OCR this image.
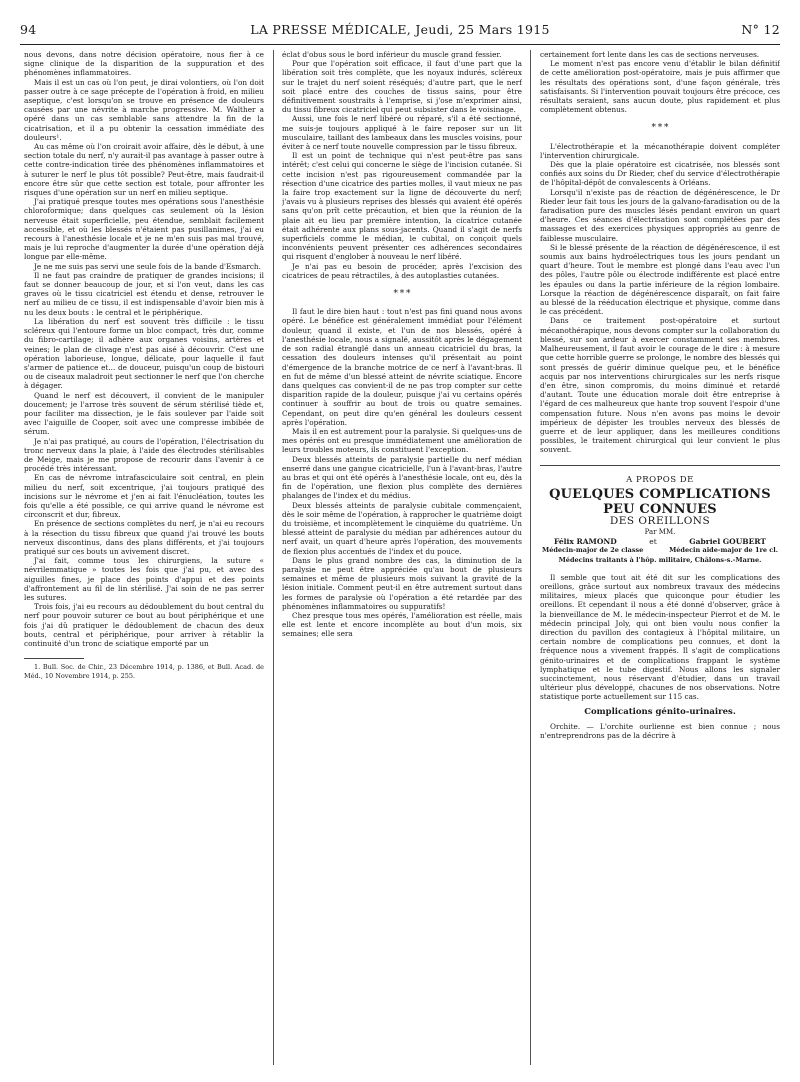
94	LA PRESSE MÉDICALE, Jeudi, 25 Mars 1915	N° 12

nous devons, dans notre décision opératoire, nous fier à ce signe clinique de la disparition de la suppuration et des phénomènes inflammatoires.

Mais il est un cas où l'on peut, je dirai volontiers, où l'on doit passer outre à ce sage précepte de l'opération à froid, en milieu aseptique, c'est lorsqu'on se trouve en présence de douleurs causées par une névrite à marche progressive. M. Walther a opéré dans un cas semblable sans attendre la fin de la cicatrisation, et il a pu obtenir la cessation immédiate des douleurs¹.

Au cas même où l'on croirait avoir affaire, dès le début, à une section totale du nerf, n'y aurait-il pas avantage à passer outre à cette contre-indication tirée des phénomènes inflammatoires et à suturer le nerf le plus tôt possible? Peut-être, mais faudrait-il encore être sûr que cette section est totale, pour affronter les risques d'une opération sur un nerf en milieu septique.

J'ai pratiqué presque toutes mes opérations sous l'anesthésie chloroformique; dans quelques cas seulement où la lésion nerveuse était superficielle, peu étendue, semblait facilement accessible, et où les blessés n'étaient pas pusillanimes, j'ai eu recours à l'anesthésie locale et je ne m'en suis pas mal trouvé, mais je lui reproche d'augmenter la durée d'une opération déjà longue par elle-même.

Je ne me suis pas servi une seule fois de la bande d'Esmarch.

Il ne faut pas craindre de pratiquer de grandes incisions; il faut se donner beaucoup de jour, et si l'on veut, dans les cas graves où le tissu cicatriciel est étendu et dense, retrouver le nerf au milieu de ce tissu, il est indispensable d'avoir bien mis à nu les deux bouts : le central et le périphérique.

La libération du nerf est souvent très difficile : le tissu scléreux qui l'entoure forme un bloc compact, très dur, comme du fibro-cartilage; il adhère aux organes voisins, artères et veines; le plan de clivage n'est pas aisé à découvrir. C'est une opération laborieuse, longue, délicate, pour laquelle il faut s'armer de patience et... de douceur, puisqu'un coup de bistouri ou de ciseaux maladroit peut sectionner le nerf que l'on cherche à dégager.

Quand le nerf est découvert, il convient de le manipuler doucement; je l'arrose très souvent de sérum stérilisé tiède et, pour faciliter ma dissection, je le fais soulever par l'aide soit avec l'aiguille de Cooper, soit avec une compresse imbibée de sérum.

Je n'ai pas pratiqué, au cours de l'opération, l'électrisation du tronc nerveux dans la plaie, à l'aide des électrodes stérilisables de Meige, mais je me propose de recourir dans l'avenir à ce procédé très intéressant.

En cas de névrome intrafasciculaire soit central, en plein milieu du nerf, soit excentrique, j'ai toujours pratiqué des incisions sur le névrome et j'en ai fait l'énucléation, toutes les fois qu'elle a été possible, ce qui arrive quand le névrome est circonscrit et dur, fibreux.

En présence de sections complètes du nerf, je n'ai eu recours à la résection du tissu fibreux que quand j'ai trouvé les bouts nerveux discontinus, dans des plans différents, et j'ai toujours pratiqué sur ces bouts un avivement discret.

J'ai fait, comme tous les chirurgiens, la suture « névrilemmatique » toutes les fois que j'ai pu, et avec des aiguilles fines, je place des points d'appui et des points d'affrontement au fil de lin stérilisé. J'ai soin de ne pas serrer les sutures.

Trois fois, j'ai eu recours au dédoublement du bout central du nerf pour pouvoir suturer ce bout au bout périphérique et une fois j'ai dû pratiquer le dédoublement de chacun des deux bouts, central et périphérique, pour arriver à rétablir la continuité d'un tronc de sciatique emporté par un

1. Bull. Soc. de Chir., 23 Décembre 1914, p. 1386, et Bull. Acad. de Méd., 10 Novembre 1914, p. 255.

éclat d'obus sous le bord inférieur du muscle grand fessier.

Pour que l'opération soit efficace, il faut d'une part que la libération soit très complète, que les noyaux indurés, scléreux sur le trajet du nerf soient réséqués; d'autre part, que le nerf soit placé entre des couches de tissus sains, pour être définitivement soustraits à l'emprise, si j'ose m'exprimer ainsi, du tissu fibreux cicatriciel qui peut subsister dans le voisinage.

Aussi, une fois le nerf libéré ou réparé, s'il a été sectionné, me suis-je toujours appliqué à le faire reposer sur un lit musculaire, taillant des lambeaux dans les muscles voisins, pour éviter à ce nerf toute nouvelle compression par le tissu fibreux.

Il est un point de technique qui n'est peut-être pas sans intérêt; c'est celui qui concerne le siège de l'incision cutanée. Si cette incision n'est pas rigoureusement commandée par la résection d'une cicatrice des parties molles, il vaut mieux ne pas la faire trop exactement sur la ligne de découverte du nerf; j'avais vu à plusieurs reprises des blessés qui avaient été opérés sans qu'on prît cette précaution, et bien que la réunion de la plaie ait eu lieu par première intention, la cicatrice cutanée était adhérente aux plans sous-jacents. Quand il s'agit de nerfs superficiels comme le médian, le cubital, on conçoit quels inconvénients peuvent présenter ces adhérences secondaires qui risquent d'englober à nouveau le nerf libéré.

Je n'ai pas eu besoin de procéder, après l'excision des cicatrices de peau rétractiles, à des autoplasties cutanées.

* * *

Il faut le dire bien haut : tout n'est pas fini quand nous avons opéré. Le bénéfice est généralement immédiat pour l'élément douleur, quand il existe, et l'un de nos blessés, opéré à l'anesthésie locale, nous a signalé, aussitôt après le dégagement de son radial étranglé dans un anneau cicatriciel du bras, la cessation des douleurs intenses qu'il présentait au point d'émergence de la branche motrice de ce nerf à l'avant-bras. Il en fut de même d'un blessé atteint de névrite sciatique. Encore dans quelques cas convient-il de ne pas trop compter sur cette disparition rapide de la douleur, puisque j'ai vu certains opérés continuer à souffrir au bout de trois ou quatre semaines. Cependant, on peut dire qu'en général les douleurs cessent après l'opération.

Mais il en est autrement pour la paralysie. Si quelques-uns de mes opérés ont eu presque immédiatement une amélioration de leurs troubles moteurs, ils constituent l'exception.

Deux blessés atteints de paralysie partielle du nerf médian enserré dans une gangue cicatricielle, l'un à l'avant-bras, l'autre au bras et qui ont été opérés à l'anesthésie locale, ont eu, dès la fin de l'opération, une flexion plus complète des dernières phalanges de l'index et du médius.

Deux blessés atteints de paralysie cubitale commençaient, dès le soir même de l'opération, à rapprocher le quatrième doigt du troisième, et incomplètement le cinquième du quatrième. Un blessé atteint de paralysie du médian par adhérences autour du nerf avait, un quart d'heure après l'opération, des mouvements de flexion plus accentués de l'index et du pouce.

Dans le plus grand nombre des cas, la diminution de la paralysie ne peut être appréciée qu'au bout de plusieurs semaines et même de plusieurs mois suivant la gravité de la lésion initiale. Comment peut-il en être autrement surtout dans les formes de paralysie où l'opération a été retardée par des phénomènes inflammatoires ou suppuratifs!

Chez presque tous mes opérés, l'amélioration est réelle, mais elle est lente et encore incomplète au bout d'un mois, six semaines; elle sera

certainement fort lente dans les cas de sections nerveuses.

Le moment n'est pas encore venu d'établir le bilan définitif de cette amélioration post-opératoire, mais je puis affirmer que les résultats des opérations sont, d'une façon générale, très satisfaisants. Si l'intervention pouvait toujours être précoce, ces résultats seraient, sans aucun doute, plus rapidement et plus complètement obtenus.

* * *

L'électrothérapie et la mécanothérapie doivent compléter l'intervention chirurgicale.

Dès que la plaie opératoire est cicatrisée, nos blessés sont confiés aux soins du Dr Rieder, chef du service d'électrothérapie de l'hôpital-dépôt de convalescents à Orléans.

Lorsqu'il n'existe pas de réaction de dégénérescence, le Dr Rieder leur fait tous les jours de la galvano-faradisation ou de la faradisation pure des muscles lésés pendant environ un quart d'heure. Ces séances d'électrisation sont complétées par des massages et des exercices physiques appropriés au genre de faiblesse musculaire.

Si le blessé présente de la réaction de dégénérescence, il est soumis aux bains hydroélectriques tous les jours pendant un quart d'heure. Tout le membre est plongé dans l'eau avec l'un des pôles, l'autre pôle ou électrode indifférente est placé entre les épaules ou dans la partie inférieure de la région lombaire. Lorsque la réaction de dégénérescence disparaît, on fait faire au blessé de la rééducation électrique et physique, comme dans le cas précédent.

Dans ce traitement post-opératoire et surtout mécanothérapique, nous devons compter sur la collaboration du blessé, sur son ardeur à exercer constamment ses membres. Malheureusement, il faut avoir le courage de le dire : à mesure que cette horrible guerre se prolonge, le nombre des blessés qui sont pressés de guérir diminue quelque peu, et le bénéfice acquis par nos interventions chirurgicales sur les nerfs risque d'en être, sinon compromis, du moins diminué et retardé d'autant. Toute une éducation morale doit être entreprise à l'égard de ces malheureux que hante trop souvent l'espoir d'une compensation future. Nous n'en avons pas moins le devoir impérieux de dépister les troubles nerveux des blessés de guerre et de leur appliquer, dans les meilleures conditions possibles, le traitement chirurgical qui leur convient le plus souvent.

A PROPOS DE

QUELQUES COMPLICATIONS PEU CONNUES

DES OREILLONS

Par MM.

Félix RAMOND	et	Gabriel GOUBERT
Médecin-major de 2e classe	Médecin aide-major de 1re cl.
Médecins traitants à l'hôp. militaire, Châlons-s.-Marne.

Il semble que tout ait été dit sur les complications des oreillons, grâce surtout aux nombreux travaux des médecins militaires, mieux placés que quiconque pour étudier les oreillons. Et cependant il nous a été donné d'observer, grâce à la bienveillance de M. le médecin-inspecteur Pierrot et de M. le médecin principal Joly, qui ont bien voulu nous confier la direction du pavillon des contagieux à l'hôpital militaire, un certain nombre de complications peu connues, et dont la fréquence nous a vivement frappés. Il s'agit de complications génito-urinaires et de complications frappant le système lymphatique et le tube digestif. Nous allons les signaler succinctement, nous réservant d'étudier, dans un travail ultérieur plus développé, chacunes de nos observations. Notre statistique porte actuellement sur 115 cas.

Complications génito-urinaires.

Orchite. — L'orchite ourlienne est bien connue ; nous n'entreprendrons pas de la décrire à
